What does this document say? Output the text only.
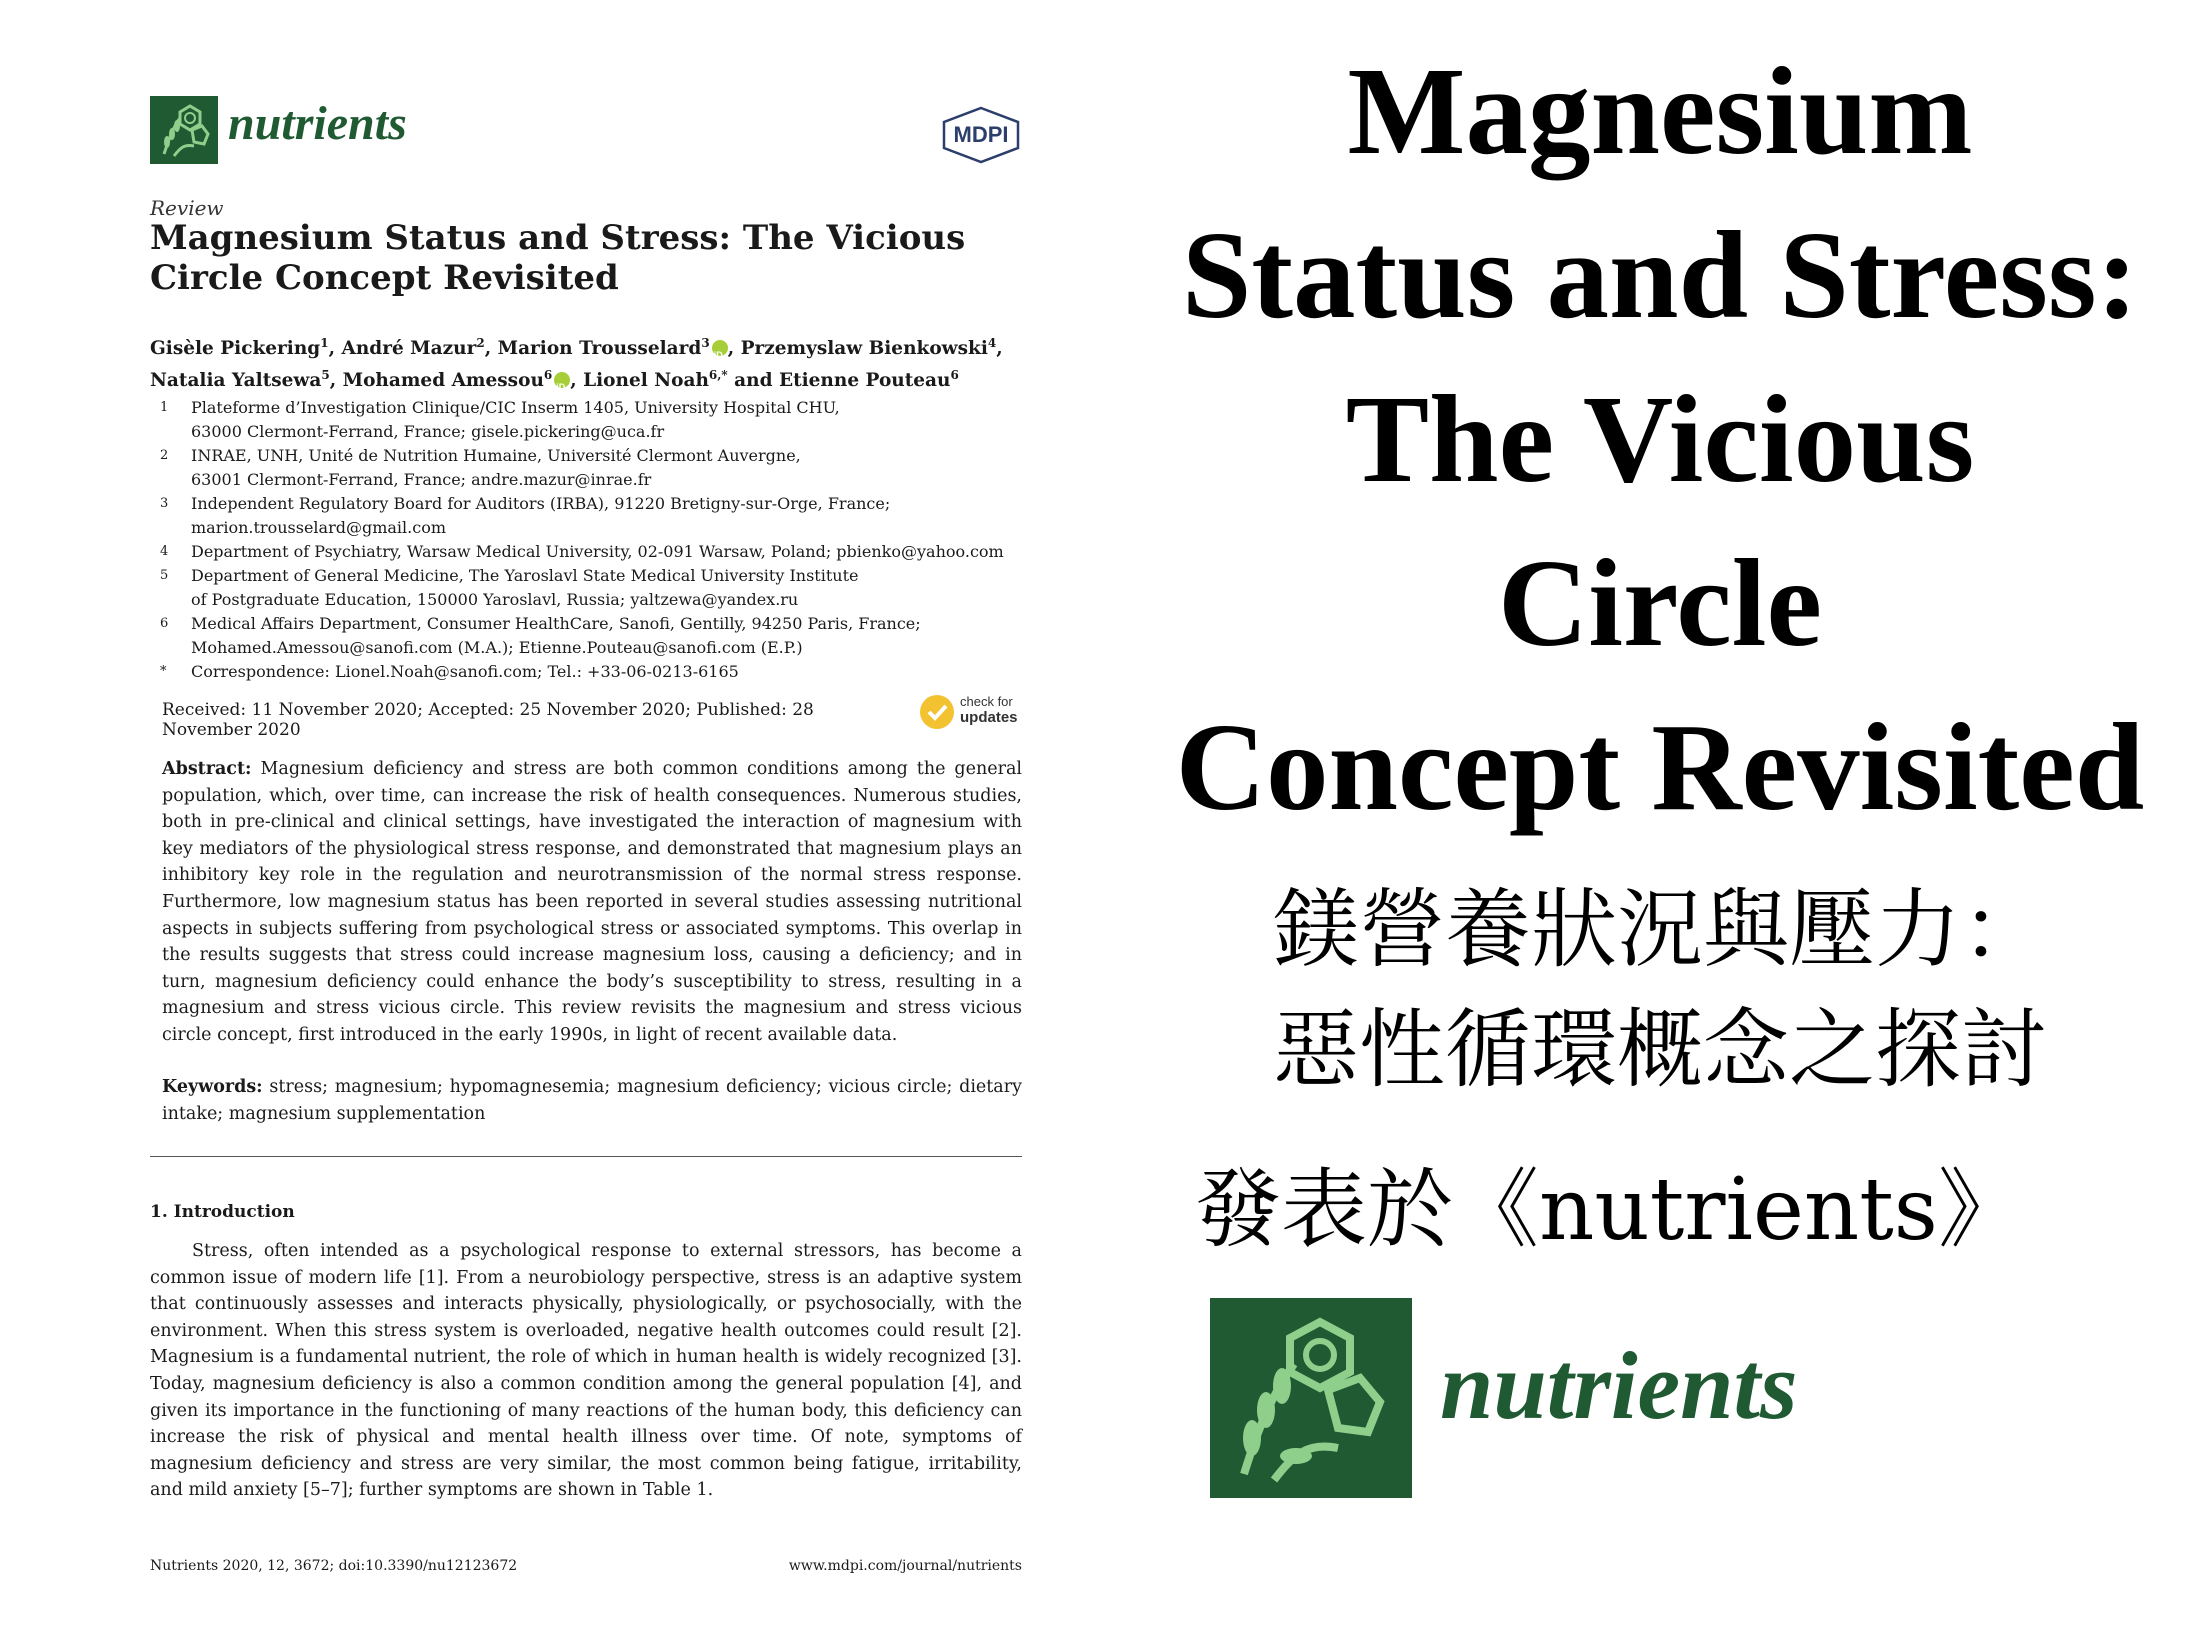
nutrients	MDPI
Review
Magnesium Status and Stress: The Vicious Circle Concept Revisited
Gisèle Pickering$^1$, André Mazur$^2$, Marion Trousselard$^3$ iD , Przemyslaw Bienkowski$^4$,
Natalia Yaltsewa$^5$, Mohamed Amessou$^6$ iD , Lionel Noah$^{6,*}$ and Etienne Pouteau$^6$
1	Plateforme d’Investigation Clinique/CIC Inserm 1405, University Hospital CHU,
63000 Clermont-Ferrand, France; gisele.pickering@uca.fr
2	INRAE, UNH, Unité de Nutrition Humaine, Université Clermont Auvergne,
63001 Clermont-Ferrand, France; andre.mazur@inrae.fr
3	Independent Regulatory Board for Auditors (IRBA), 91220 Bretigny-sur-Orge, France;
marion.trousselard@gmail.com
4	Department of Psychiatry, Warsaw Medical University, 02-091 Warsaw, Poland; pbienko@yahoo.com
5	Department of General Medicine, The Yaroslavl State Medical University Institute
of Postgraduate Education, 150000 Yaroslavl, Russia; yaltzewa@yandex.ru
6	Medical Affairs Department, Consumer HealthCare, Sanofi, Gentilly, 94250 Paris, France;
Mohamed.Amessou@sanofi.com (M.A.); Etienne.Pouteau@sanofi.com (E.P.)
*	Correspondence: Lionel.Noah@sanofi.com; Tel.: +33-06-0213-6165
Received: 11 November 2020; Accepted: 25 November 2020; Published: 28 November 2020
check for
updates
Abstract: Magnesium deficiency and stress are both common conditions among the general population, which, over time, can increase the risk of health consequences. Numerous studies, both in pre-clinical and clinical settings, have investigated the interaction of magnesium with key mediators of the physiological stress response, and demonstrated that magnesium plays an inhibitory key role in the regulation and neurotransmission of the normal stress response. Furthermore, low magnesium status has been reported in several studies assessing nutritional aspects in subjects suffering from psychological stress or associated symptoms. This overlap in the results suggests that stress could increase magnesium loss, causing a deficiency; and in turn, magnesium deficiency could enhance the body’s susceptibility to stress, resulting in a magnesium and stress vicious circle. This review revisits the magnesium and stress vicious circle concept, first introduced in the early 1990s, in light of recent available data.
Keywords: stress; magnesium; hypomagnesemia; magnesium deficiency; vicious circle; dietary intake; magnesium supplementation
1. Introduction
Stress, often intended as a psychological response to external stressors, has become a common issue of modern life [1]. From a neurobiology perspective, stress is an adaptive system that continuously assesses and interacts physically, physiologically, or psychosocially, with the environment. When this stress system is overloaded, negative health outcomes could result [2]. Magnesium is a fundamental nutrient, the role of which in human health is widely recognized [3]. Today, magnesium deficiency is also a common condition among the general population [4], and given its importance in the functioning of many reactions of the human body, this deficiency can increase the risk of physical and mental health illness over time. Of note, symptoms of magnesium deficiency and stress are very similar, the most common being fatigue, irritability, and mild anxiety [5–7]; further symptoms are shown in Table 1.
Nutrients 2020, 12, 3672; doi:10.3390/nu12123672	www.mdpi.com/journal/nutrients
Magnesium
Status and Stress:
The Vicious
Circle
Concept Revisited
鎂營養狀況與壓力：
惡性循環概念之探討
發表於《nutrients》
nutrients
